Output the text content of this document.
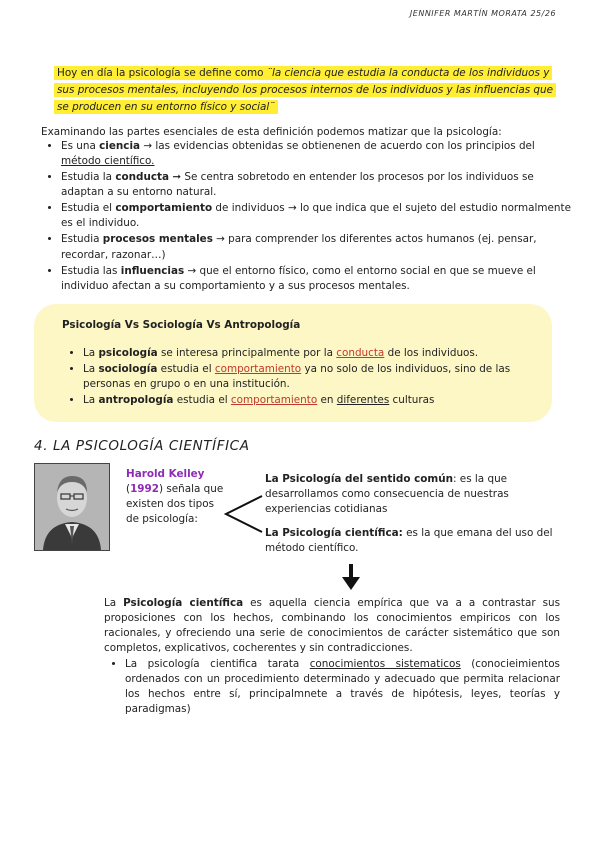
JENNIFER MARTÍN MORATA 25/26
Hoy en día la psicología se define como ¨la ciencia que estudia la conducta de los individuos y sus procesos mentales, incluyendo los procesos internos de los individuos y las influencias que se producen en su entorno físico y social¨
Examinando las partes esenciales de esta definición podemos matizar que la psicología:
• Es una ciencia → las evidencias obtenidas se obtienenen de acuerdo con los principios del método científico.
• Estudia la conducta ➞ Se centra sobretodo en entender los procesos por los individuos se adaptan a su entorno natural.
• Estudia el comportamiento de individuos → lo que indica que el sujeto del estudio normalmente es el individuo.
• Estudia procesos mentales → para comprender los diferentes actos humanos (ej. pensar, recordar, razonar…)
• Estudia las influencias → que el entorno físico, como el entorno social en que se mueve el individuo afectan a su comportamiento y a sus procesos mentales.
Psicología Vs Sociología Vs Antropología
• La psicología se interesa principalmente por la conducta de los individuos.
• La sociología estudia el comportamiento ya no solo de los individuos, sino de las personas en grupo o en una institución.
• La antropología estudia el comportamiento en diferentes culturas
4. LA PSICOLOGÍA CIENTÍFICA
Harold Kelley
(1992) señala que existen dos tipos de psicología:
La Psicología del sentido común: es la que desarrollamos como consecuencia de nuestras experiencias cotidianas
La Psicología científica: es la que emana del uso del método científico.
La Psicología científica es aquella ciencia empírica que va a a contrastar sus proposiciones con los hechos, combinando los conocimientos empiricos con los racionales, y ofreciendo una serie de conocimientos de carácter sistemático que son completos, explicativos, cocherentes y sin contradicciones.
• La psicología cientifica tarata conocimientos sistematicos (conocieimientos ordenados con un procedimiento determinado y adecuado que permita relacionar los hechos entre sí, principalmnete a través de hipótesis, leyes, teorías y paradigmas)
